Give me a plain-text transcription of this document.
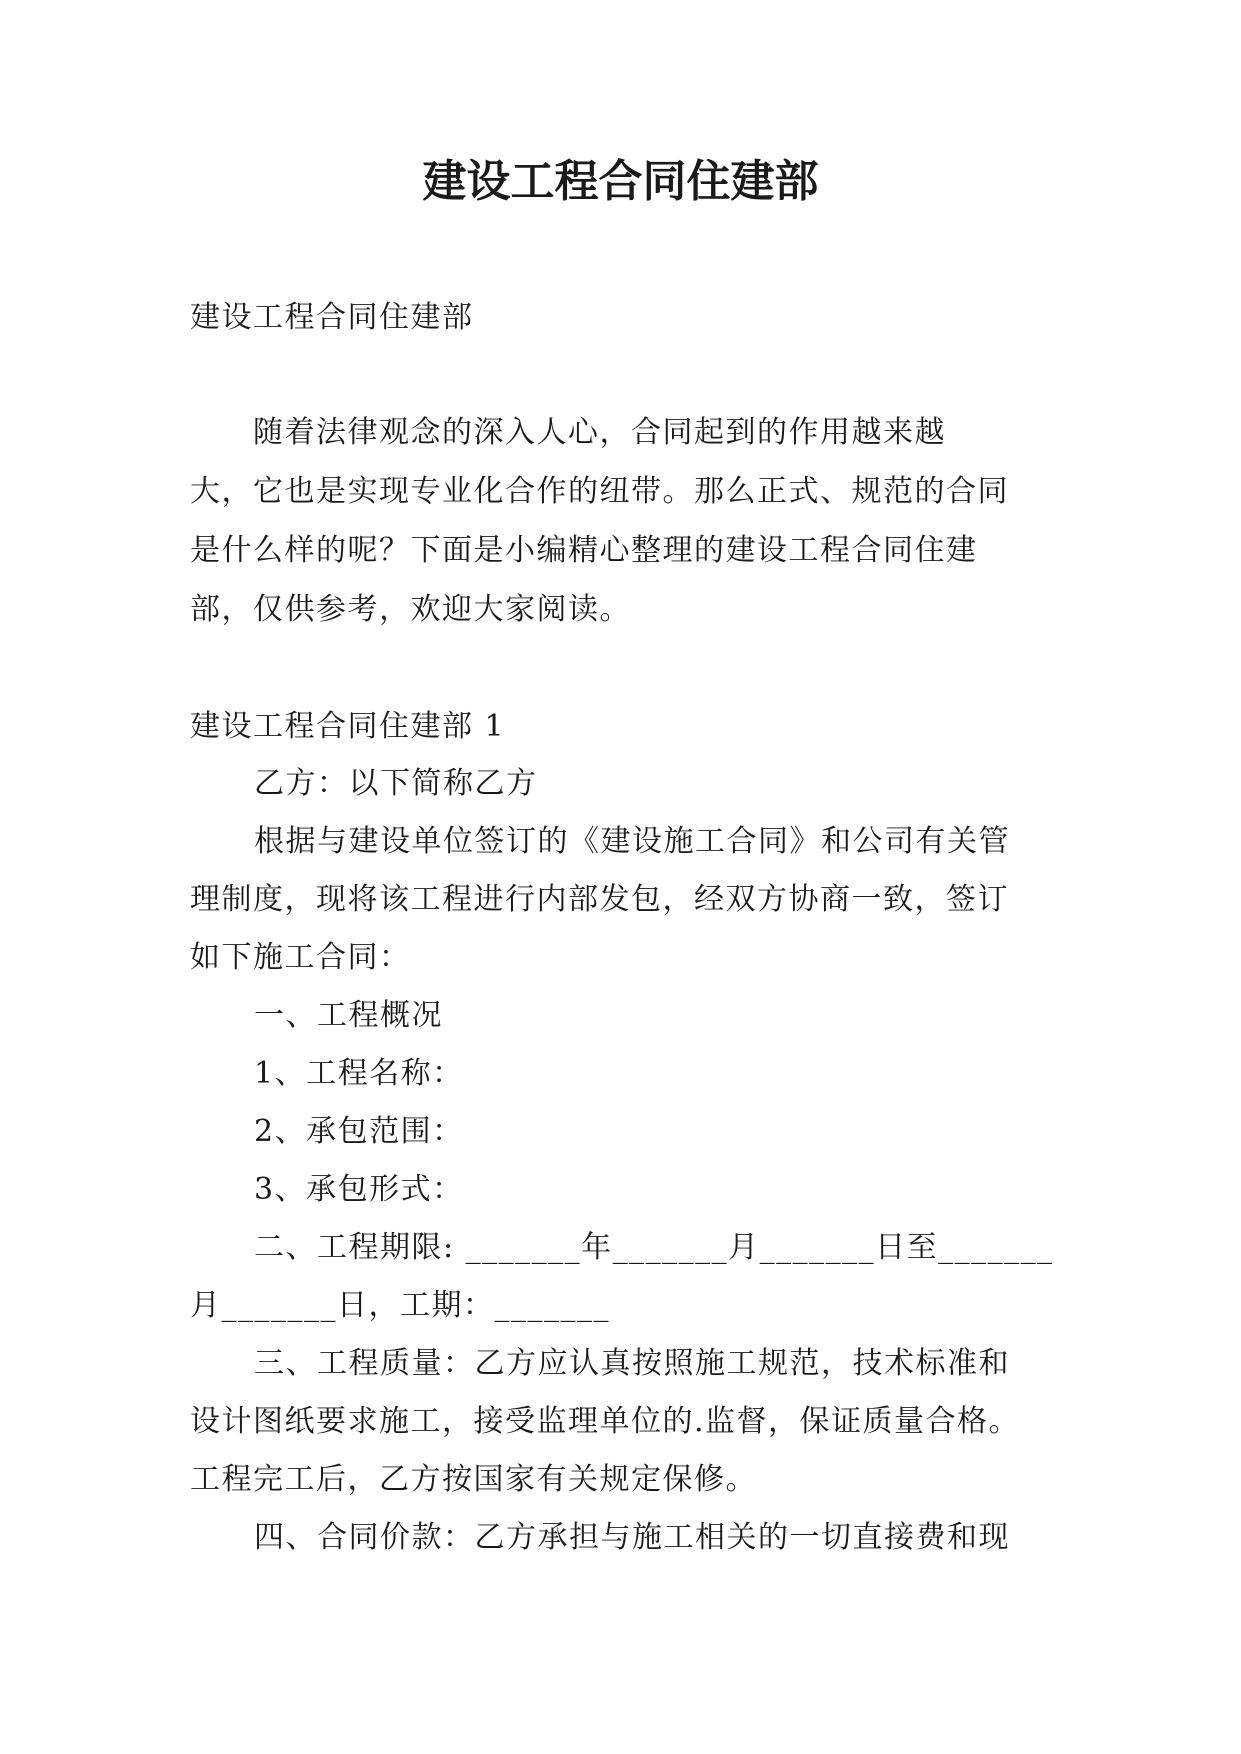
建设工程合同住建部
建设工程合同住建部
　　随着法律观念的深入人心，合同起到的作用越来越
大，它也是实现专业化合作的纽带。那么正式、规范的合同
是什么样的呢？下面是小编精心整理的建设工程合同住建
部，仅供参考，欢迎大家阅读。
建设工程合同住建部 1
乙方：以下简称乙方
根据与建设单位签订的《建设施工合同》和公司有关管
理制度，现将该工程进行内部发包，经双方协商一致，签订
如下施工合同：
一、工程概况
1、工程名称：
2、承包范围：
3、承包形式：
二、工程期限: _______年_______月_______日至_______
月_______日，工期：_______
三、工程质量：乙方应认真按照施工规范，技术标准和
设计图纸要求施工，接受监理单位的.监督，保证质量合格。
工程完工后，乙方按国家有关规定保修。
四、合同价款：乙方承担与施工相关的一切直接费和现
